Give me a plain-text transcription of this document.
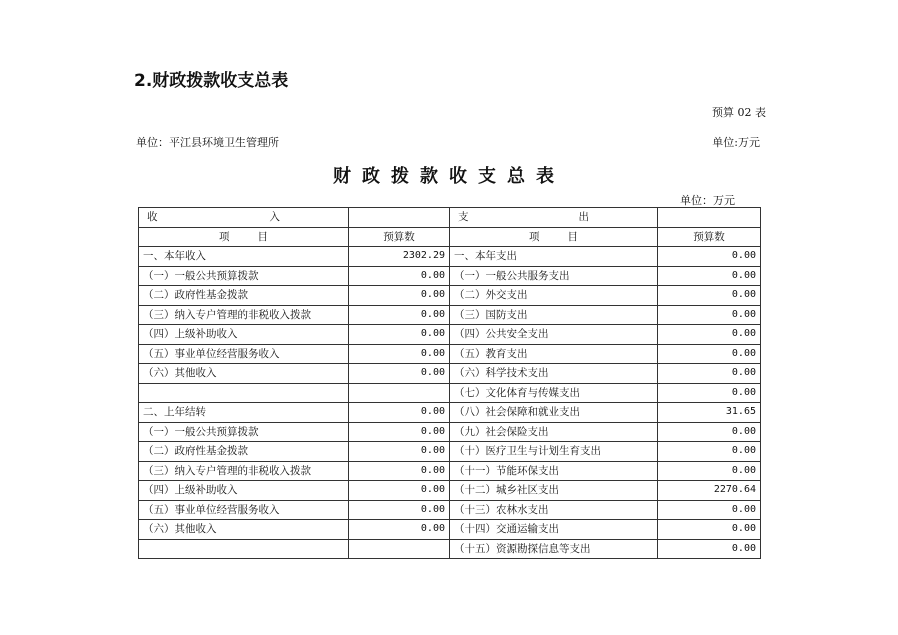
2.财政拨款收支总表
预算 02 表
单位：平江县环境卫生管理所	单位:万元
财政拨款收支总表
单位：万元
收 入		支 出	

项目	预算数	项目	预算数
一、本年收入	2302.29	一、本年支出	0.00
（一）一般公共预算拨款	0.00	（一）一般公共服务支出	0.00
（二）政府性基金拨款	0.00	（二）外交支出	0.00
（三）纳入专户管理的非税收入拨款	0.00	（三）国防支出	0.00
（四）上级补助收入	0.00	（四）公共安全支出	0.00
（五）事业单位经营服务收入	0.00	（五）教育支出	0.00
（六）其他收入	0.00	（六）科学技术支出	0.00
		（七）文化体育与传媒支出	0.00
二、上年结转	0.00	（八）社会保障和就业支出	31.65
（一）一般公共预算拨款	0.00	（九）社会保险支出	0.00
（二）政府性基金拨款	0.00	（十）医疗卫生与计划生育支出	0.00
（三）纳入专户管理的非税收入拨款	0.00	（十一）节能环保支出	0.00
（四）上级补助收入	0.00	（十二）城乡社区支出	2270.64
（五）事业单位经营服务收入	0.00	（十三）农林水支出	0.00
（六）其他收入	0.00	（十四）交通运输支出	0.00
		（十五）资源勘探信息等支出	0.00
